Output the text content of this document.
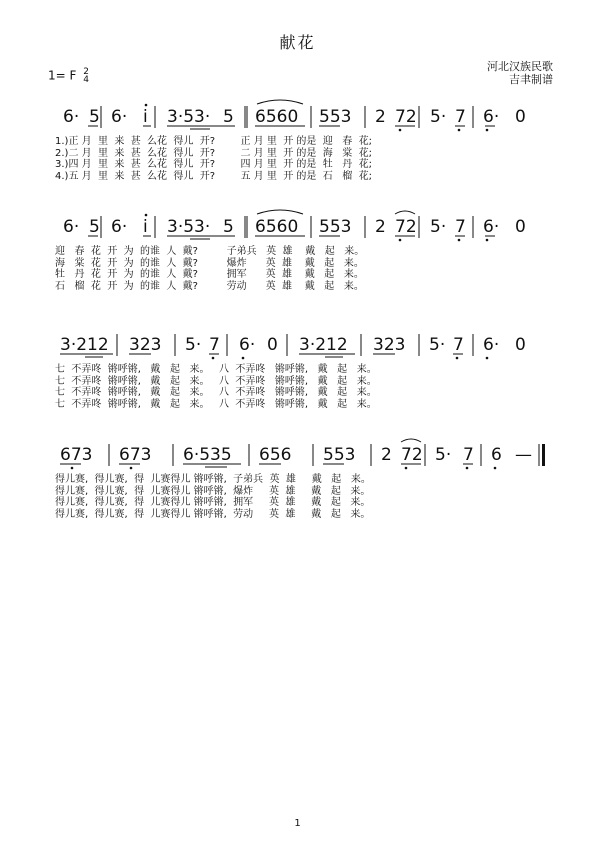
献花
河北汉族民歌
吉聿制谱
1= F 2
4
6· 5 6· i 3·53· 5 6560 553 2 72 5· 7 6· 0
1.)正 月  里  来  甚  么花  得儿  开?        正 月 里  开 的是  迎   春  花;
2.)二 月  里  来  甚  么花  得儿  开?        二 月 里  开 的是  海   棠  花;
3.)四 月  里  来  甚  么花  得儿  开?        四 月 里  开 的是  牡   丹  花;
4.)五 月  里  来  甚  么花  得儿  开?        五 月 里  开 的是  石   榴  花;
6· 5 6· i 3·53· 5 6560 553 2 72 5· 7 6· 0
迎   春  花  开  为  的谁  人  戴?         子弟兵   英  雄    戴   起   来。
海   棠  花  开  为  的谁  人  戴?         爆炸      英  雄    戴   起   来。
牡   丹  花  开  为  的谁  人  戴?         拥军      英  雄    戴   起   来。
石   榴  花  开  为  的谁  人  戴?         劳动      英  雄    戴   起   来。
3·212 323 5· 7 6· 0 3·212 323 5· 7 6· 0
七  不弄咚  锵呼锵,   戴   起   来。   八  不弄咚   锵呼锵,   戴   起   来。
七  不弄咚  锵呼锵,   戴   起   来。   八  不弄咚   锵呼锵,   戴   起   来。
七  不弄咚  锵呼锵,   戴   起   来。   八  不弄咚   锵呼锵,   戴   起   来。
七  不弄咚  锵呼锵,   戴   起   来。   八  不弄咚   锵呼锵,   戴   起   来。
673 673 6·535 656 553 2 72 5· 7 6 —
得儿赛,  得儿赛,  得  儿赛得儿 锵呼锵,  子弟兵  英  雄     戴   起   来。
得儿赛,  得儿赛,  得  儿赛得儿 锵呼锵,  爆炸     英  雄     戴   起   来。
得儿赛,  得儿赛,  得  儿赛得儿 锵呼锵,  拥军     英  雄     戴   起   来。
得儿赛,  得儿赛,  得  儿赛得儿 锵呼锵,  劳动     英  雄     戴   起   来。
1
